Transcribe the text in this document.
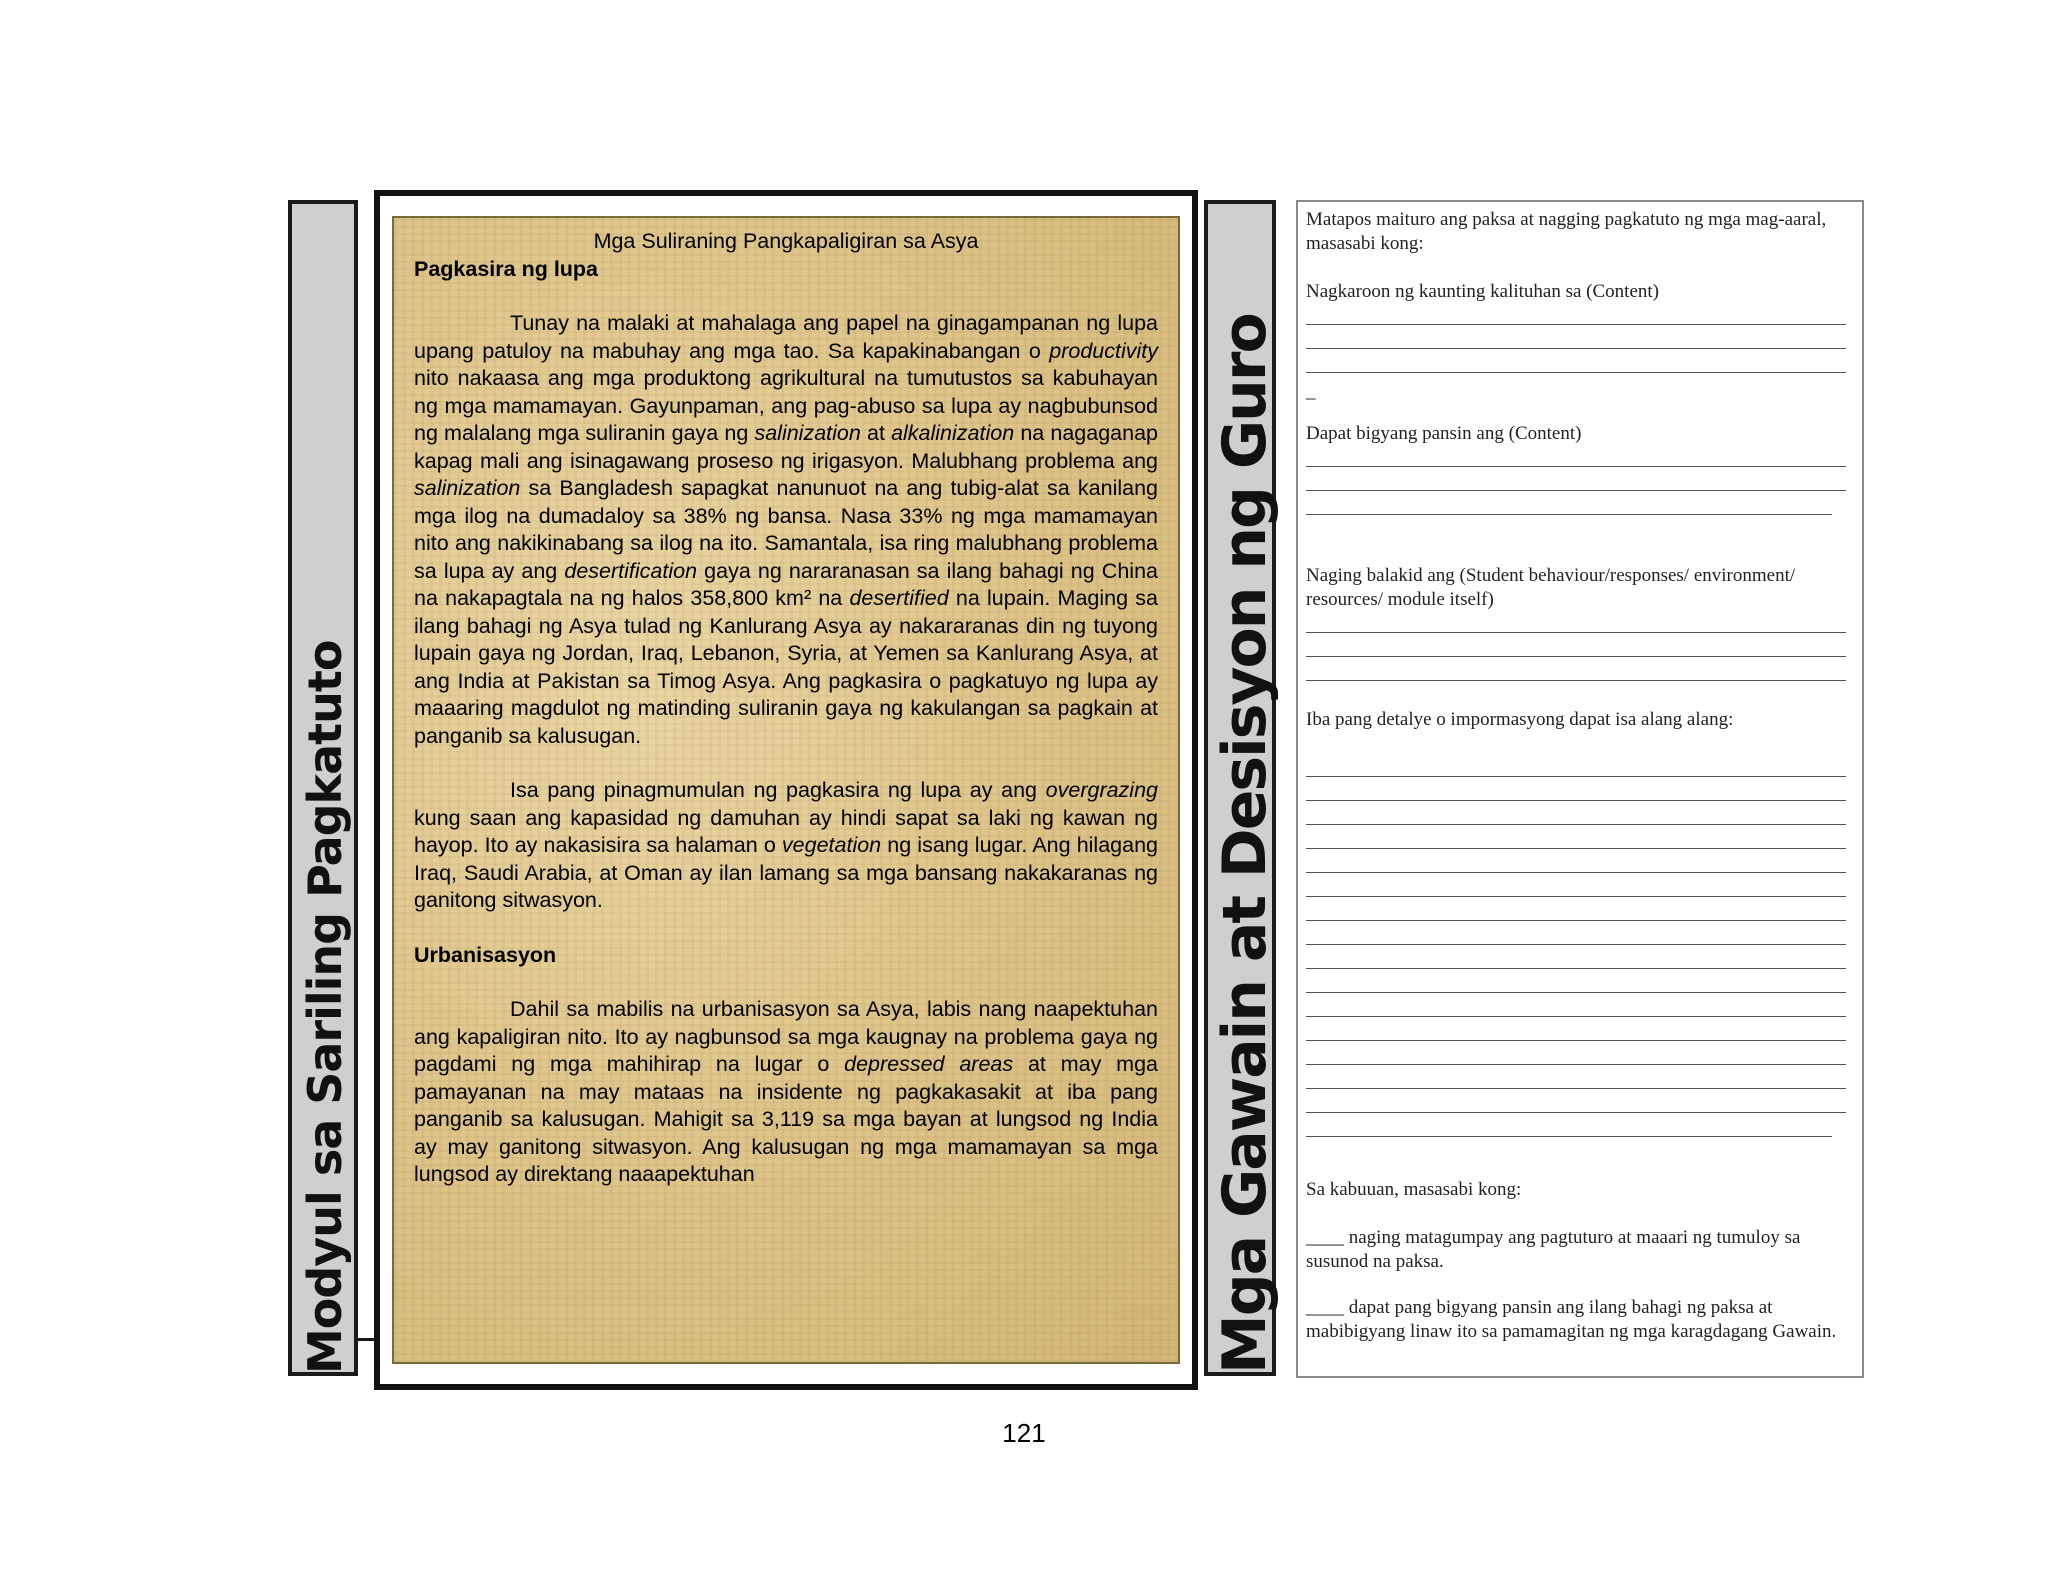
Modyul sa Sariling Pagkatuto

Mga Suliraning Pangkapaligiran sa Asya

Pagkasira ng lupa

Tunay na malaki at mahalaga ang papel na ginagampanan ng lupa upang patuloy na mabuhay ang mga tao. Sa kapakinabangan o productivity nito nakaasa ang mga produktong agrikultural na tumutustos sa kabuhayan ng mga mamamayan. Gayunpaman, ang pag-abuso sa lupa ay nagbubunsod ng malalang mga suliranin gaya ng salinization at alkalinization na nagaganap kapag mali ang isinagawang proseso ng irigasyon. Malubhang problema ang salinization sa Bangladesh sapagkat nanunuot na ang tubig-alat sa kanilang mga ilog na dumadaloy sa 38% ng bansa. Nasa 33% ng mga mamamayan nito ang nakikinabang sa ilog na ito. Samantala, isa ring malubhang problema sa lupa ay ang desertification gaya ng nararanasan sa ilang bahagi ng China na nakapagtala na ng halos 358,800 km² na desertified na lupain. Maging sa ilang bahagi ng Asya tulad ng Kanlurang Asya ay nakararanas din ng tuyong lupain gaya ng Jordan, Iraq, Lebanon, Syria, at Yemen sa Kanlurang Asya, at ang India at Pakistan sa Timog Asya. Ang pagkasira o pagkatuyo ng lupa ay maaaring magdulot ng matinding suliranin gaya ng kakulangan sa pagkain at panganib sa kalusugan.

Isa pang pinagmumulan ng pagkasira ng lupa ay ang overgrazing kung saan ang kapasidad ng damuhan ay hindi sapat sa laki ng kawan ng hayop. Ito ay nakasisira sa halaman o vegetation ng isang lugar. Ang hilagang Iraq, Saudi Arabia, at Oman ay ilan lamang sa mga bansang nakakaranas ng ganitong sitwasyon.

Urbanisasyon

Dahil sa mabilis na urbanisasyon sa Asya, labis nang naapektuhan ang kapaligiran nito. Ito ay nagbunsod sa mga kaugnay na problema gaya ng pagdami ng mga mahihirap na lugar o depressed areas at may mga pamayanan na may mataas na insidente ng pagkakasakit at iba pang panganib sa kalusugan. Mahigit sa 3,119 sa mga bayan at lungsod ng India ay may ganitong sitwasyon. Ang kalusugan ng mga mamamayan sa mga lungsod ay direktang naaapektuhan	Mga Gawain at Desisyon ng Guro
Matapos maituro ang paksa at nagging pagkatuto ng mga mag-aaral, masasabi kong:
Nagkaroon ng kaunting kalituhan sa (Content)
_
Dapat bigyang pansin ang (Content)
Naging balakid ang (Student behaviour/responses/ environment/ resources/ module itself)
Iba pang detalye o impormasyong dapat isa alang alang:
Sa kabuuan, masasabi kong:
____ naging matagumpay ang pagtuturo at maaari ng tumuloy sa susunod na paksa.
____ dapat pang bigyang pansin ang ilang bahagi ng paksa at mabibigyang linaw ito sa pamamagitan ng mga karagdagang Gawain.
121
